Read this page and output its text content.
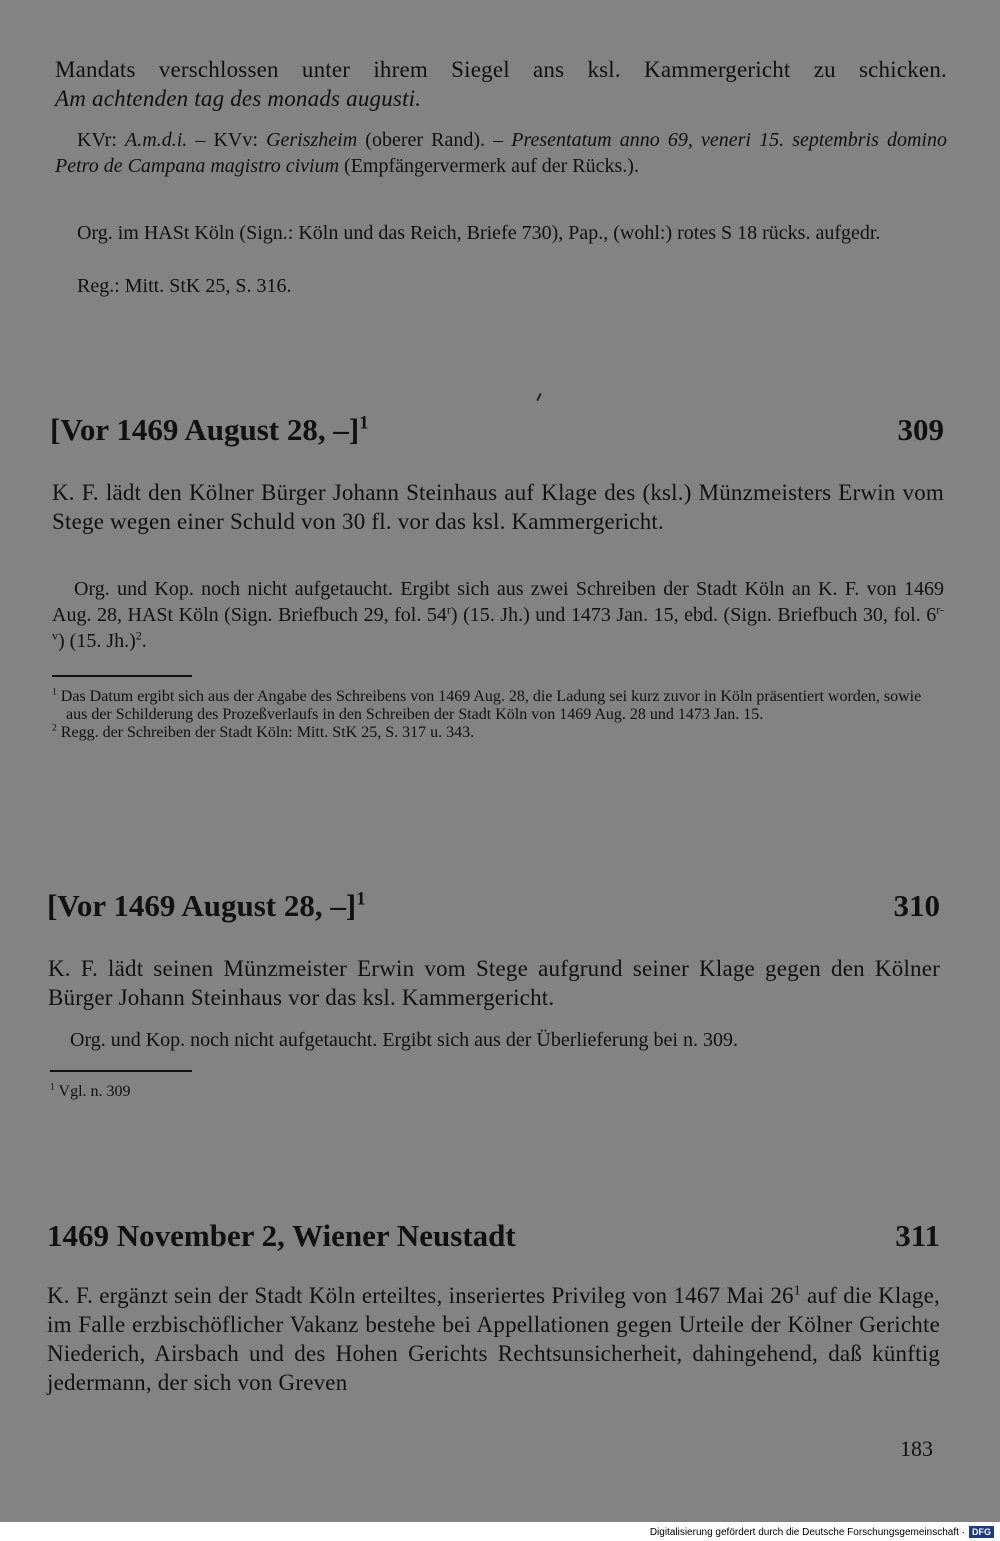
Mandats verschlossen unter ihrem Siegel ans ksl. Kammergericht zu schicken.

Am achtenden tag des monads augusti.

KVr: A.m.d.i. – KVv: Geriszheim (oberer Rand). – Presentatum anno 69, veneri 15. septembris domino Petro de Campana magistro civium (Empfängervermerk auf der Rücks.).

Org. im HASt Köln (Sign.: Köln und das Reich, Briefe 730), Pap., (wohl:) rotes S 18 rücks. aufgedr.

Reg.: Mitt. StK 25, S. 316.

[Vor 1469 August 28, –]$^1$	309

K. F. lädt den Kölner Bürger Johann Steinhaus auf Klage des (ksl.) Münzmeisters Erwin vom Stege wegen einer Schuld von 30 fl. vor das ksl. Kammergericht.

Org. und Kop. noch nicht aufgetaucht. Ergibt sich aus zwei Schreiben der Stadt Köln an K. F. von 1469 Aug. 28, HASt Köln (Sign. Briefbuch 29, fol. 54$^r$) (15. Jh.) und 1473 Jan. 15, ebd. (Sign. Briefbuch 30, fol. 6$^{r-v}$) (15. Jh.)$^2$.

$^1$ Das Datum ergibt sich aus der Angabe des Schreibens von 1469 Aug. 28, die Ladung sei kurz zuvor in Köln präsentiert worden, sowie aus der Schilderung des Prozeßverlaufs in den Schreiben der Stadt Köln von 1469 Aug. 28 und 1473 Jan. 15.

$^2$ Regg. der Schreiben der Stadt Köln: Mitt. StK 25, S. 317 u. 343.

[Vor 1469 August 28, –]$^1$	310

K. F. lädt seinen Münzmeister Erwin vom Stege aufgrund seiner Klage gegen den Kölner Bürger Johann Steinhaus vor das ksl. Kammergericht.

Org. und Kop. noch nicht aufgetaucht. Ergibt sich aus der Überlieferung bei n. 309.

$^1$ Vgl. n. 309

1469 November 2, Wiener Neustadt	311

K. F. ergänzt sein der Stadt Köln erteiltes, inseriertes Privileg von 1467 Mai $26^1$ auf die Klage, im Falle erzbischöflicher Vakanz bestehe bei Appellationen gegen Urteile der Kölner Gerichte Niederich, Airsbach und des Hohen Gerichts Rechtsunsicherheit, dahingehend, daß künftig jedermann, der sich von Greven

183
Digitalisierung gefördert durch die Deutsche Forschungsgemeinschaft · DFG
